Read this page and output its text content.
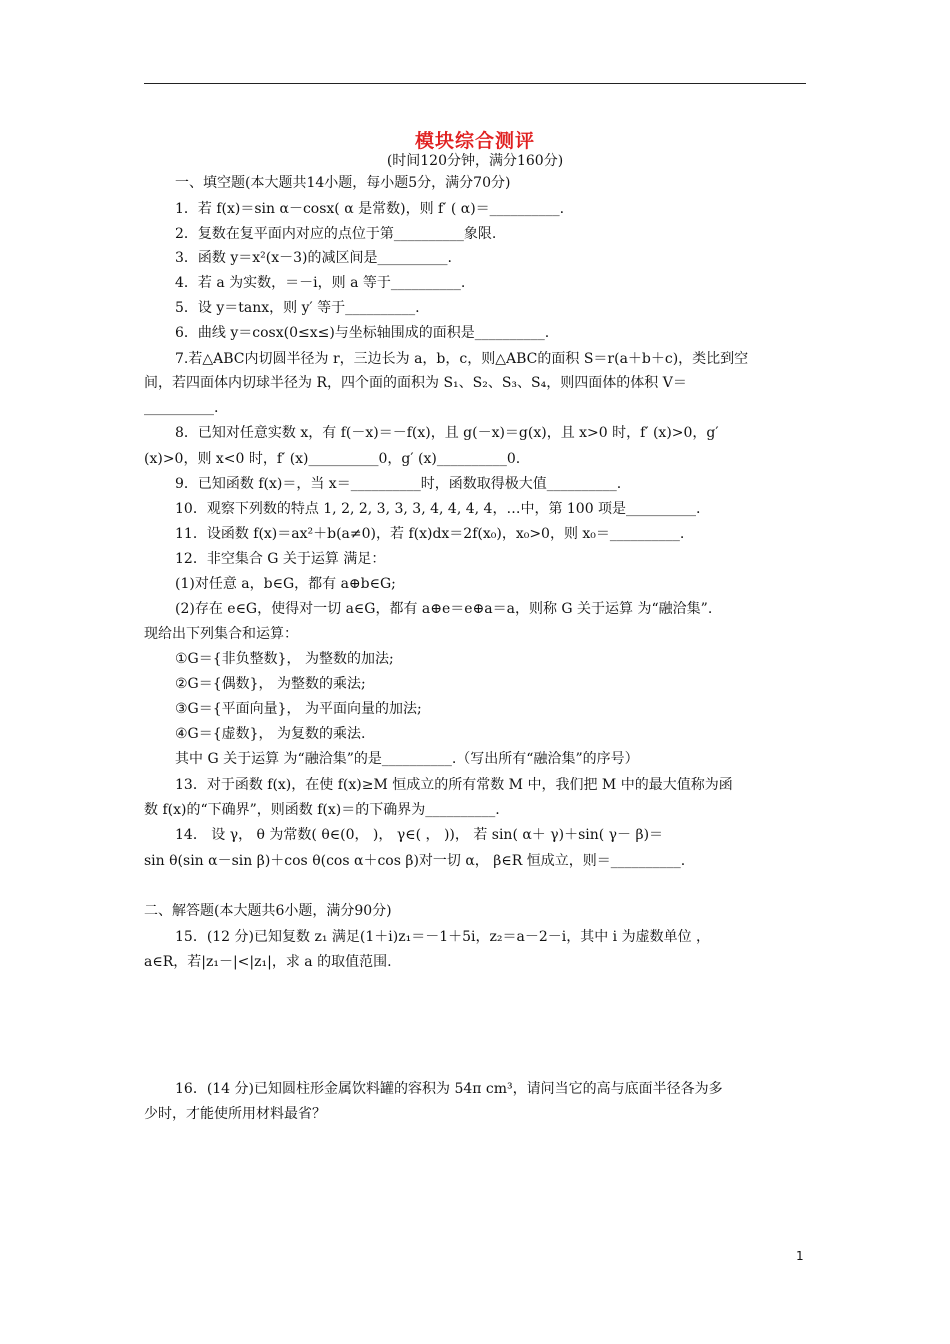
模块综合测评
(时间120分钟，满分160分)
一、填空题(本大题共14小题，每小题5分，满分70分)
1．若 f(x)＝sin α－cosx( α 是常数)，则 f′ ( α)＝__________.
2．复数在复平面内对应的点位于第__________象限.
3．函数 y＝x²(x－3)的减区间是__________.
4．若 a 为实数，＝－i，则 a 等于__________.
5．设 y＝tanx，则 y′ 等于__________.
6．曲线 y＝cosx(0≤x≤)与坐标轴围成的面积是__________.
7.若△ABC内切圆半径为 r，三边长为 a，b，c，则△ABC的面积 S＝r(a＋b＋c)，类比到空
间，若四面体内切球半径为 R，四个面的面积为 S₁、S₂、S₃、S₄，则四面体的体积 V＝
__________.
8．已知对任意实数 x，有 f(－x)＝－f(x)，且 g(－x)＝g(x)，且 x>0 时，f′ (x)>0，g′
(x)>0，则 x<0 时，f′ (x)__________0，g′ (x)__________0.
9．已知函数 f(x)＝，当 x＝__________时，函数取得极大值__________.
10．观察下列数的特点 1, 2, 2, 3, 3, 3, 4, 4, 4, 4，…中，第 100 项是__________.
11．设函数 f(x)＝ax²＋b(a≠0)，若 f(x)dx＝2f(x₀)，x₀>0，则 x₀＝__________.
12．非空集合 G 关于运算 满足：
(1)对任意 a，b∈G，都有 a⊕b∈G;
(2)存在 e∈G，使得对一切 a∈G，都有 a⊕e＝e⊕a＝a，则称 G 关于运算 为“融洽集”.
现给出下列集合和运算：
①G＝{非负整数}， 为整数的加法;
②G＝{偶数}， 为整数的乘法;
③G＝{平面向量}， 为平面向量的加法;
④G＝{虚数}， 为复数的乘法.
其中 G 关于运算 为“融洽集”的是__________.（写出所有“融洽集”的序号）
13．对于函数 f(x)，在使 f(x)≥M 恒成立的所有常数 M 中，我们把 M 中的最大值称为函
数 f(x)的“下确界”，则函数 f(x)＝的下确界为__________.
14． 设 γ， θ 为常数( θ∈(0， )， γ∈( ， ))， 若 sin( α＋ γ)＋sin( γ－ β)＝
sin θ(sin α－sin β)＋cos θ(cos α＋cos β)对一切 α， β∈R 恒成立，则＝__________.
二、解答题(本大题共6小题，满分90分)
15．(12 分)已知复数 z₁ 满足(1＋i)z₁＝－1＋5i，z₂＝a－2－i，其中 i 为虚数单位 ，
a∈R，若|z₁－|<|z₁|，求 a 的取值范围.
16．(14 分)已知圆柱形金属饮料罐的容积为 54π cm³，请问当它的高与底面半径各为多
少时，才能使所用材料最省？
1
